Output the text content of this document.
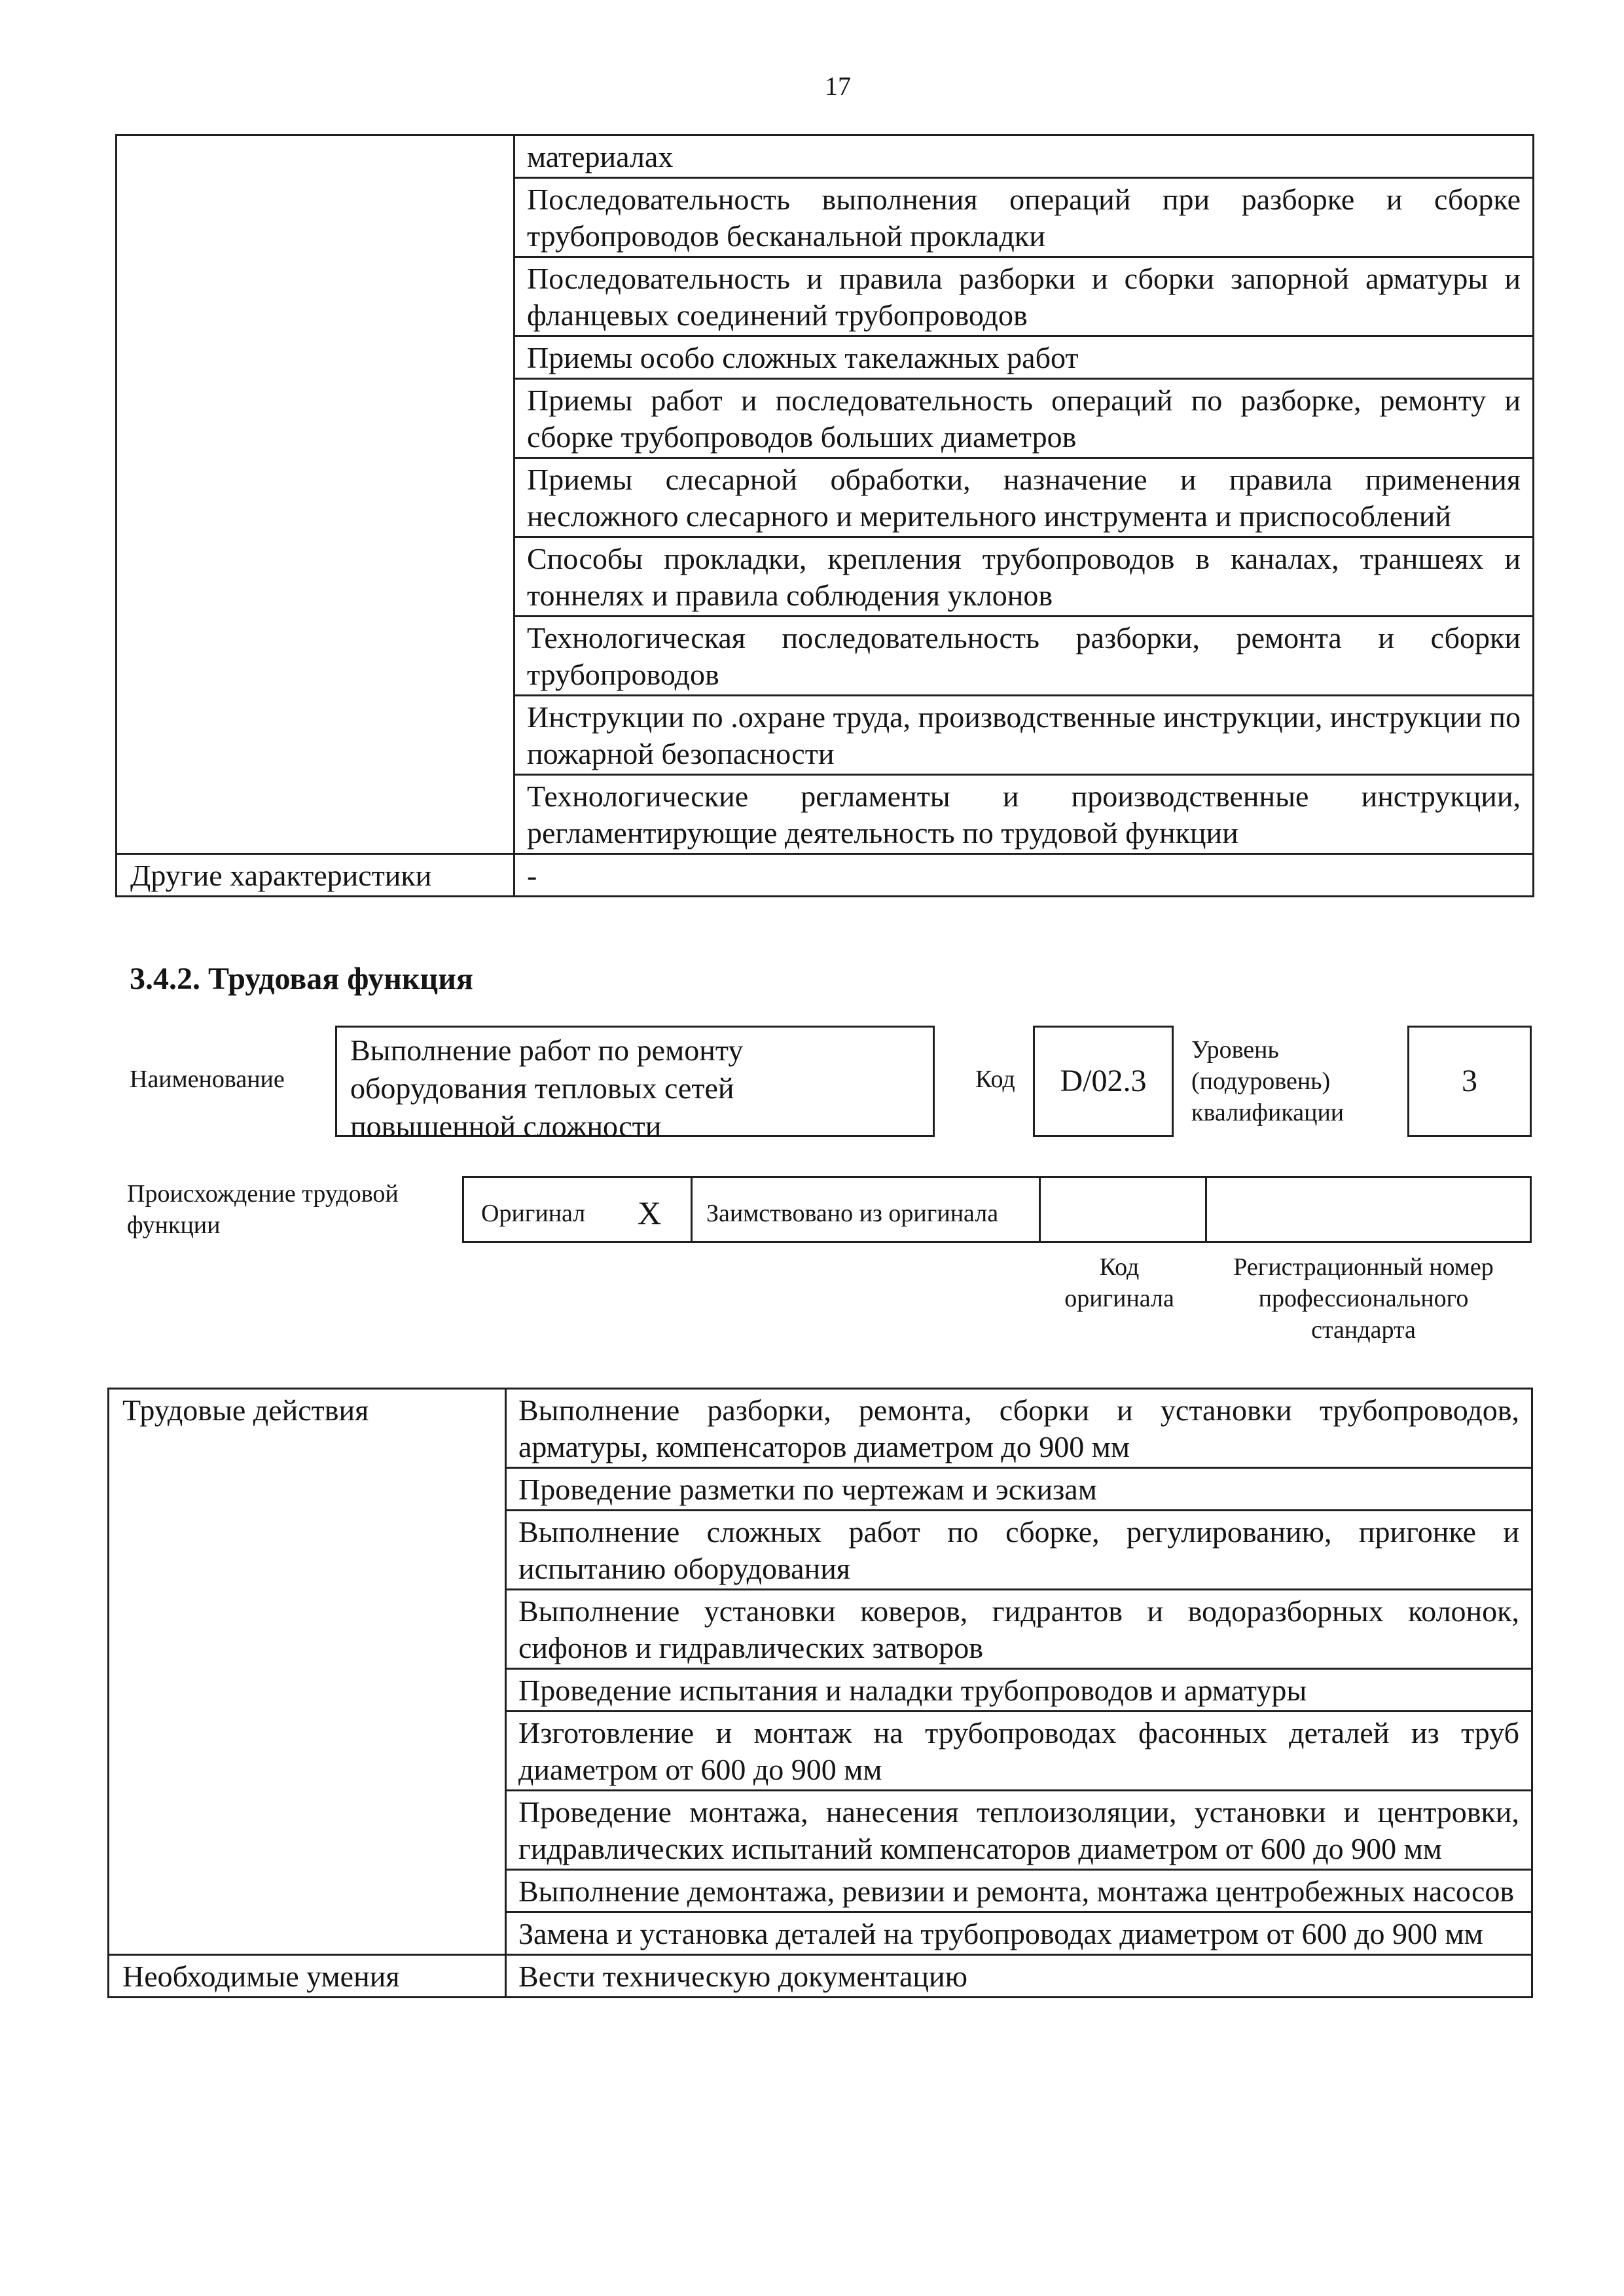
17
	материалах
	Последовательность выполнения операций при разборке и сборке трубопроводов бесканальной прокладки
	Последовательность и правила разборки и сборки запорной арматуры и фланцевых соединений трубопроводов
	Приемы особо сложных такелажных работ
	Приемы работ и последовательность операций по разборке, ремонту и сборке трубопроводов больших диаметров
	Приемы слесарной обработки, назначение и правила применения несложного слесарного и мерительного инструмента и приспособлений
	Способы прокладки, крепления трубопроводов в каналах, траншеях и тоннелях и правила соблюдения уклонов
	Технологическая последовательность разборки, ремонта и сборки трубопроводов
	Инструкции по .охране труда, производственные инструкции, инструкции по пожарной безопасности
	Технологические регламенты и производственные инструкции, регламентирующие деятельность по трудовой функции
Другие характеристики	-
3.4.2. Трудовая функция
Наименование
Выполнение работ по ремонту
оборудования тепловых сетей
повышенной сложности
Код	D/02.3
Уровень
(подуровень)
квалификации
3
Происхождение трудовой
функции	Оригинал X Заимствовано из оригинала
Код
оригинала
Регистрационный номер
профессионального
стандарта
Трудовые действия	Выполнение разборки, ремонта, сборки и установки трубопроводов, арматуры, компенсаторов диаметром до 900 мм
	Проведение разметки по чертежам и эскизам
	Выполнение сложных работ по сборке, регулированию, пригонке и испытанию оборудования
	Выполнение установки коверов, гидрантов и водоразборных колонок, сифонов и гидравлических затворов
	Проведение испытания и наладки трубопроводов и арматуры
	Изготовление и монтаж на трубопроводах фасонных деталей из труб диаметром от 600 до 900 мм
	Проведение монтажа, нанесения теплоизоляции, установки и центровки, гидравлических испытаний компенсаторов диаметром от 600 до 900 мм
	Выполнение демонтажа, ревизии и ремонта, монтажа центробежных насосов
	Замена и установка деталей на трубопроводах диаметром от 600 до 900 мм
Необходимые умения	Вести техническую документацию
